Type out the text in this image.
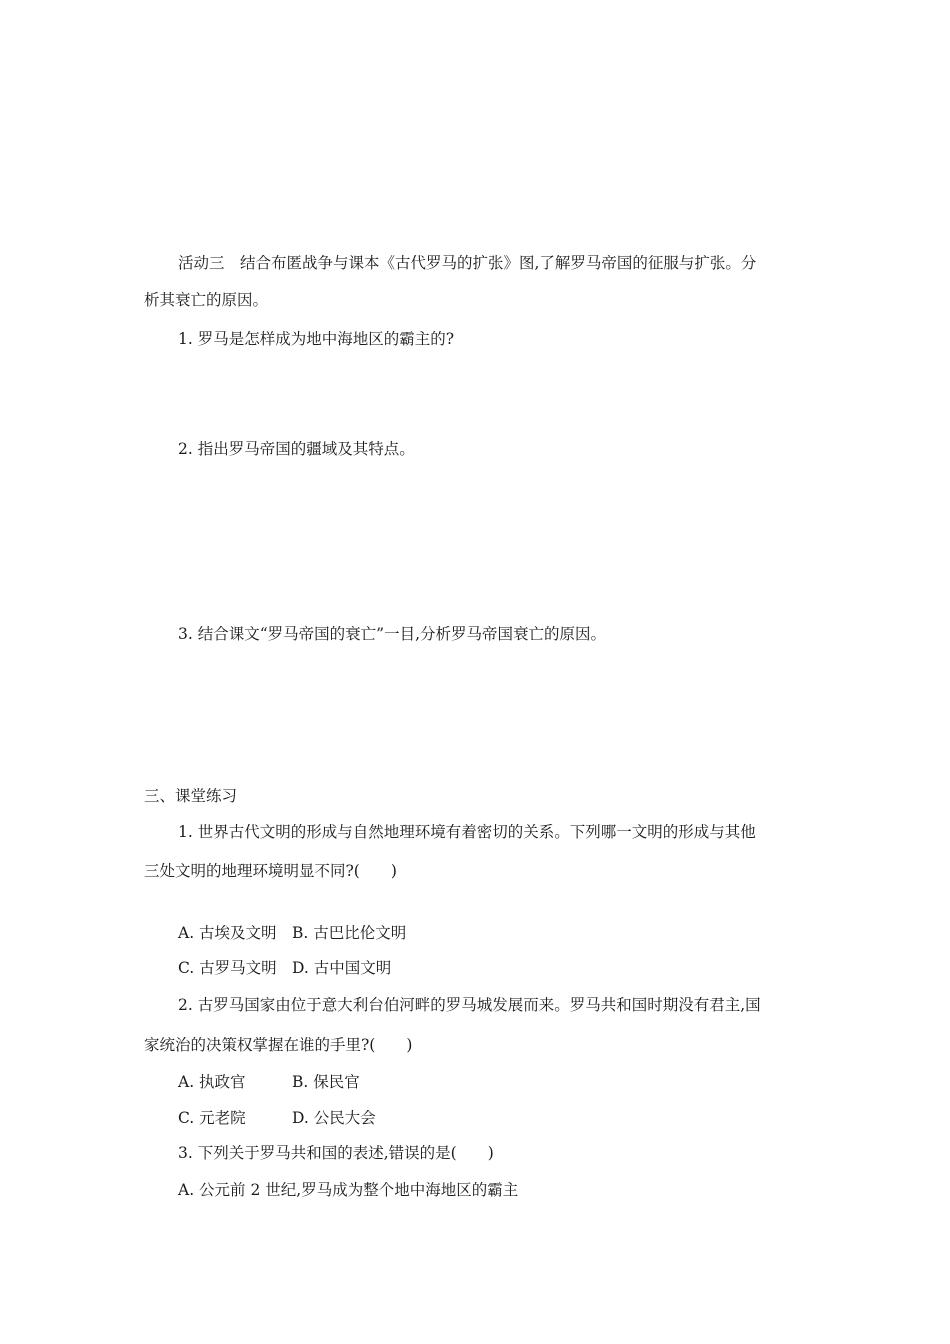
活动三　结合布匿战争与课本《古代罗马的扩张》图,了解罗马帝国的征服与扩张。分
析其衰亡的原因。
1. 罗马是怎样成为地中海地区的霸主的?
2. 指出罗马帝国的疆域及其特点。
3. 结合课文“罗马帝国的衰亡”一目,分析罗马帝国衰亡的原因。
三、课堂练习
1. 世界古代文明的形成与自然地理环境有着密切的关系。下列哪一文明的形成与其他
三处文明的地理环境明显不同?(　　)
A. 古埃及文明 B. 古巴比伦文明
C. 古罗马文明 D. 古中国文明
2. 古罗马国家由位于意大利台伯河畔的罗马城发展而来。罗马共和国时期没有君主,国
家统治的决策权掌握在谁的手里?(　　)
A. 执政官	B. 保民官
C. 元老院	D. 公民大会
3. 下列关于罗马共和国的表述,错误的是(　　)
A. 公元前 2 世纪,罗马成为整个地中海地区的霸主
